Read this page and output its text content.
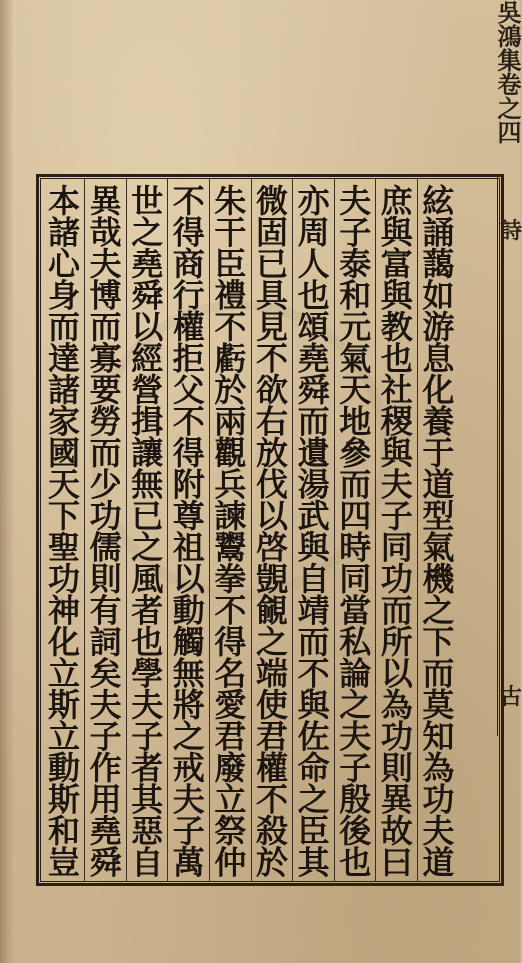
吳鴻集卷之四
詩
古
絃誦藹如游息化養于道型氣機之下而莫知為功夫道
庶與富與教也社稷與夫子同功而所以為功則異故曰
夫子泰和元氣天地參而四時同當私論之夫子殷後也
亦周人也頌堯舜而遺湯武與自靖而不與佐命之臣其
微固已具見不欲右放伐以啓覬覦之端使君權不殺於
朱干臣禮不虧於兩觀兵諫鬻拳不得名愛君廢立祭仲
不得商行權拒父不得附尊祖以動觸無將之戒夫子萬
世之堯舜以經營揖讓無已之風者也學夫子者其惡自
異哉夫博而寡要勞而少功儒則有詞矣夫子作用堯舜
本諸心身而達諸家國天下聖功神化立斯立動斯和豈
